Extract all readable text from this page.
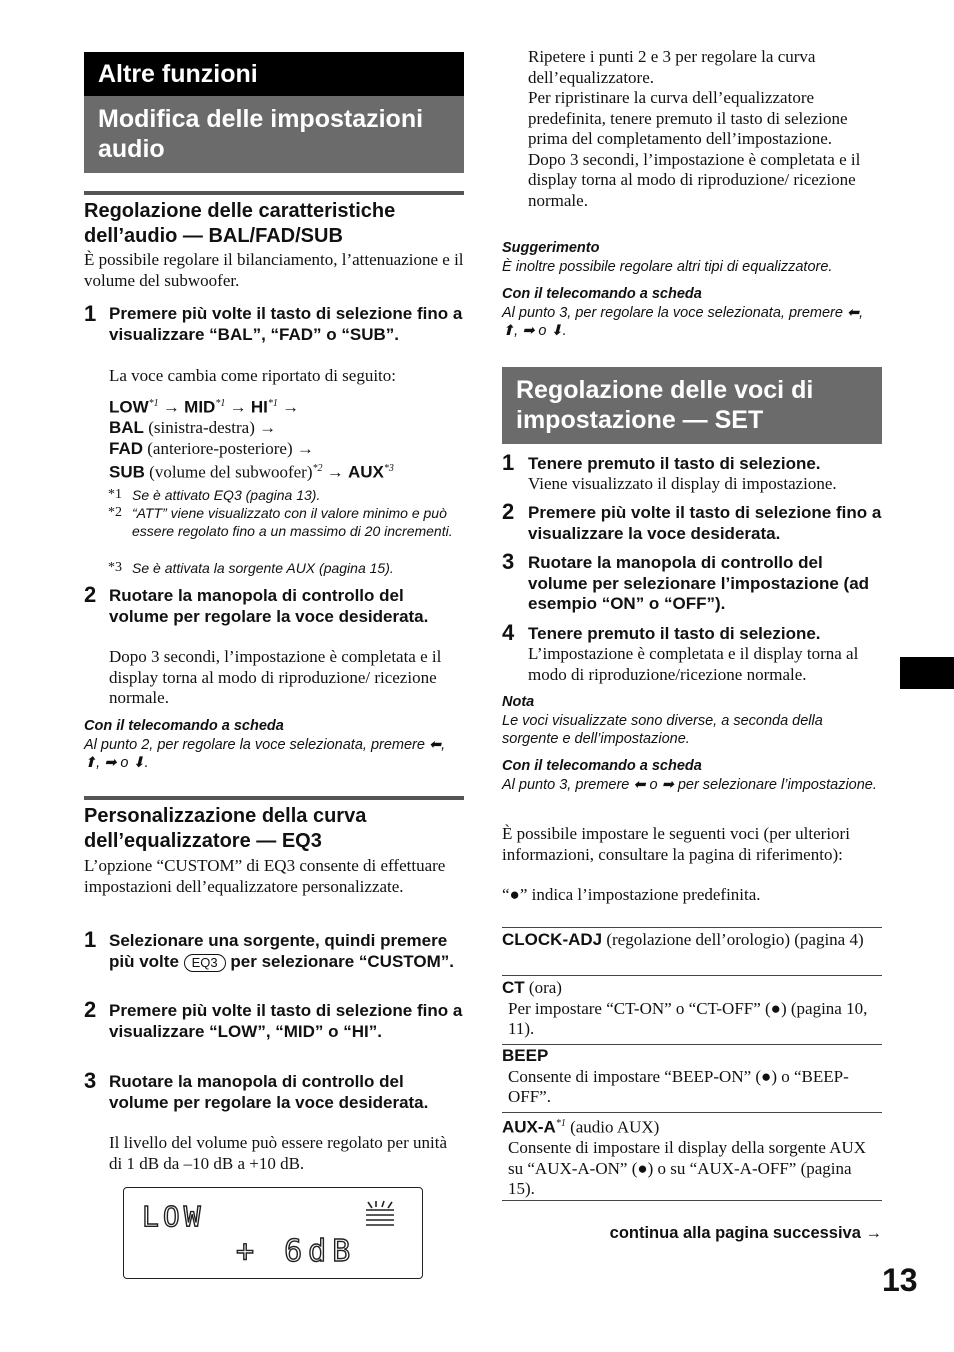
Altre funzioni
Modifica delle impostazioni audio
Regolazione delle caratteristiche dell’audio — BAL/FAD/SUB
È possibile regolare il bilanciamento, l’attenuazione e il volume del subwoofer.
1 Premere più volte il tasto di selezione fino a visualizzare “BAL”, “FAD” o “SUB”.
La voce cambia come riportato di seguito:
$LOW^{*1} \to MID^{*1} \to HI^{*1}$ →
BAL (sinistra-destra) →
FAD (anteriore-posteriore) →
SUB (volume del subwoofer)$^{*2}$ → $AUX^{*3}$
*1 Se è attivato EQ3 (pagina 13).
*2 “ATT” viene visualizzato con il valore minimo e può essere regolato fino a un massimo di 20 incrementi.
*3 Se è attivata la sorgente AUX (pagina 15).
2 Ruotare la manopola di controllo del volume per regolare la voce desiderata.
Dopo 3 secondi, l’impostazione è completata e il display torna al modo di riproduzione/ ricezione normale.
Con il telecomando a scheda
Al punto 2, per regolare la voce selezionata, premere ⬅, ⬆, ➡ o ⬇.
Personalizzazione della curva dell’equalizzatore — EQ3
L’opzione “CUSTOM” di EQ3 consente di effettuare impostazioni dell’equalizzatore personalizzate.
1 Selezionare una sorgente, quindi premere più volte EQ3 per selezionare “CUSTOM”.
2 Premere più volte il tasto di selezione fino a visualizzare “LOW”, “MID” o “HI”.
3 Ruotare la manopola di controllo del volume per regolare la voce desiderata.
Il livello del volume può essere regolato per unità di 1 dB da –10 dB a +10 dB.
LOW
+ 6dB
Ripetere i punti 2 e 3 per regolare la curva dell’equalizzatore.
Per ripristinare la curva dell’equalizzatore predefinita, tenere premuto il tasto di selezione prima del completamento dell’impostazione.
Dopo 3 secondi, l’impostazione è completata e il display torna al modo di riproduzione/ ricezione normale.
Suggerimento
È inoltre possibile regolare altri tipi di equalizzatore.
Con il telecomando a scheda
Al punto 3, per regolare la voce selezionata, premere ⬅, ⬆, ➡ o ⬇.
Regolazione delle voci di impostazione — SET
1 Tenere premuto il tasto di selezione.
Viene visualizzato il display di impostazione.
2 Premere più volte il tasto di selezione fino a visualizzare la voce desiderata.
3 Ruotare la manopola di controllo del volume per selezionare l’impostazione (ad esempio “ON” o “OFF”).
4 Tenere premuto il tasto di selezione.
L’impostazione è completata e il display torna al modo di riproduzione/ricezione normale.
Nota
Le voci visualizzate sono diverse, a seconda della sorgente e dell’impostazione.
Con il telecomando a scheda
Al punto 3, premere ⬅ o ➡ per selezionare l’impostazione.
È possibile impostare le seguenti voci (per ulteriori informazioni, consultare la pagina di riferimento):
“●” indica l’impostazione predefinita.
CLOCK-ADJ (regolazione dell’orologio) (pagina 4)
CT (ora)
Per impostare “CT-ON” o “CT-OFF” (●) (pagina 10, 11).
BEEP
Consente di impostare “BEEP-ON” (●) o “BEEP-OFF”.
AUX-$A^{*1}$ (audio AUX)
Consente di impostare il display della sorgente AUX su “AUX-A-ON” (●) o su “AUX-A-OFF” (pagina 15).
continua alla pagina successiva →
13
